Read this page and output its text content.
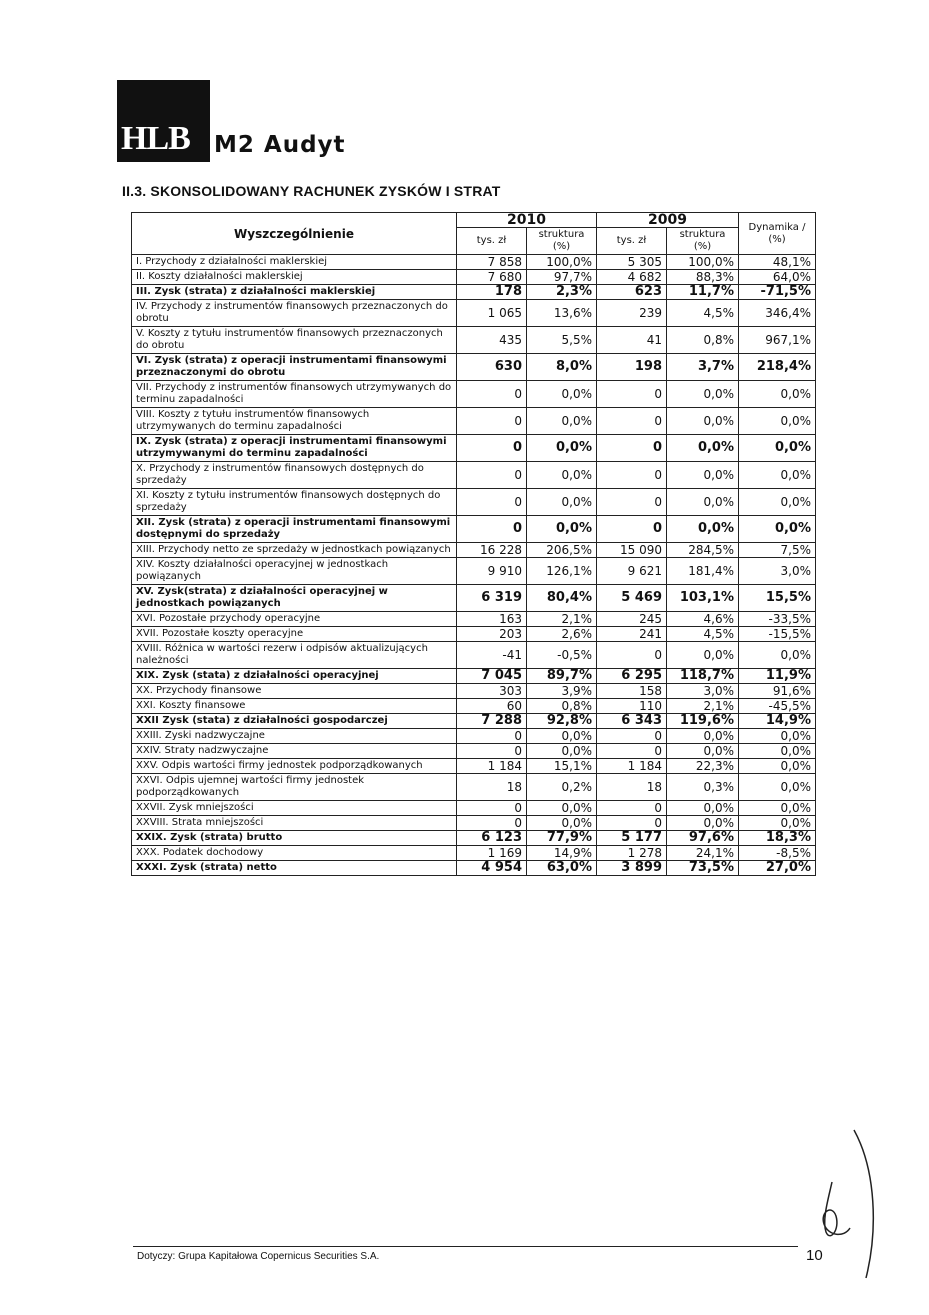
HLB	M2 Audyt
II.3. SKONSOLIDOWANY RACHUNEK ZYSKÓW I STRAT
Wyszczególnienie	2010		2009		Dynamika / (%)
	tys. zł	struktura (%)	tys. zł	struktura (%)	
I. Przychody z działalności maklerskiej	7 858	100,0%	5 305	100,0%	48,1%
II. Koszty działalności maklerskiej	7 680	97,7%	4 682	88,3%	64,0%
III. Zysk (strata) z działalności maklerskiej	178	2,3%	623	11,7%	-71,5%
IV. Przychody z instrumentów finansowych przeznaczonych do obrotu	1 065	13,6%	239	4,5%	346,4%
V. Koszty z tytułu instrumentów finansowych przeznaczonych do obrotu	435	5,5%	41	0,8%	967,1%
VI. Zysk (strata) z operacji instrumentami finansowymi przeznaczonymi do obrotu	630	8,0%	198	3,7%	218,4%
VII. Przychody z instrumentów finansowych utrzymywanych do terminu zapadalności	0	0,0%	0	0,0%	0,0%
VIII. Koszty z tytułu instrumentów finansowych utrzymywanych do terminu zapadalności	0	0,0%	0	0,0%	0,0%
IX. Zysk (strata) z operacji instrumentami finansowymi utrzymywanymi do terminu zapadalności	0	0,0%	0	0,0%	0,0%
X. Przychody z instrumentów finansowych dostępnych do sprzedaży	0	0,0%	0	0,0%	0,0%
XI. Koszty z tytułu instrumentów finansowych dostępnych do sprzedaży	0	0,0%	0	0,0%	0,0%
XII. Zysk (strata) z operacji instrumentami finansowymi dostępnymi do sprzedaży	0	0,0%	0	0,0%	0,0%
XIII. Przychody netto ze sprzedaży w jednostkach powiązanych	16 228	206,5%	15 090	284,5%	7,5%
XIV. Koszty działalności operacyjnej w jednostkach powiązanych	9 910	126,1%	9 621	181,4%	3,0%
XV. Zysk(strata) z działalności operacyjnej w jednostkach powiązanych	6 319	80,4%	5 469	103,1%	15,5%
XVI. Pozostałe przychody operacyjne	163	2,1%	245	4,6%	-33,5%
XVII. Pozostałe koszty operacyjne	203	2,6%	241	4,5%	-15,5%
XVIII. Różnica w wartości rezerw i odpisów aktualizujących należności	-41	-0,5%	0	0,0%	0,0%
XIX. Zysk (stata) z działalności operacyjnej	7 045	89,7%	6 295	118,7%	11,9%
XX. Przychody finansowe	303	3,9%	158	3,0%	91,6%
XXI. Koszty finansowe	60	0,8%	110	2,1%	-45,5%
XXII Zysk (stata) z działalności gospodarczej	7 288	92,8%	6 343	119,6%	14,9%
XXIII. Zyski nadzwyczajne	0	0,0%	0	0,0%	0,0%
XXIV. Straty nadzwyczajne	0	0,0%	0	0,0%	0,0%
XXV. Odpis wartości firmy jednostek podporządkowanych	1 184	15,1%	1 184	22,3%	0,0%
XXVI. Odpis ujemnej wartości firmy jednostek podporządkowanych	18	0,2%	18	0,3%	0,0%
XXVII. Zysk mniejszości	0	0,0%	0	0,0%	0,0%
XXVIII. Strata mniejszości	0	0,0%	0	0,0%	0,0%
XXIX. Zysk (strata) brutto	6 123	77,9%	5 177	97,6%	18,3%
XXX. Podatek dochodowy	1 169	14,9%	1 278	24,1%	-8,5%
XXXI. Zysk (strata) netto	4 954	63,0%	3 899	73,5%	27,0%
Dotyczy: Grupa Kapitałowa Copernicus Securities S.A.	10
